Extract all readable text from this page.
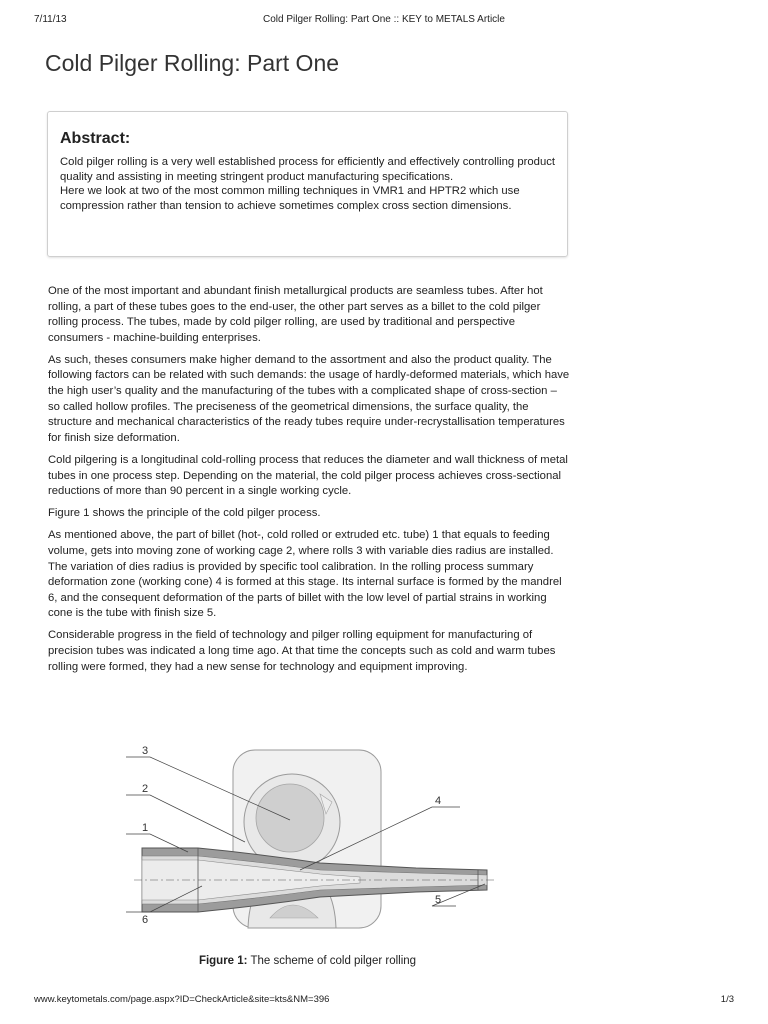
7/11/13	Cold Pilger Rolling: Part One :: KEY to METALS Article
Cold Pilger Rolling: Part One
Abstract:

Cold pilger rolling is a very well established process for efficiently and effectively controlling product quality and assisting in meeting stringent product manufacturing specifications.

Here we look at two of the most common milling techniques in VMR1 and HPTR2 which use compression rather than tension to achieve sometimes complex cross section dimensions.

One of the most important and abundant finish metallurgical products are seamless tubes. After hot rolling, a part of these tubes goes to the end-user, the other part serves as a billet to the cold pilger rolling process. The tubes, made by cold pilger rolling, are used by traditional and perspective consumers - machine-building enterprises.

As such, theses consumers make higher demand to the assortment and also the product quality. The following factors can be related with such demands: the usage of hardly-deformed materials, which have the high user’s quality and the manufacturing of the tubes with a complicated shape of cross-section – so called hollow profiles. The preciseness of the geometrical dimensions, the surface quality, the structure and mechanical characteristics of the ready tubes require under-recrystallisation temperatures for finish size deformation.

Cold pilgering is a longitudinal cold-rolling process that reduces the diameter and wall thickness of metal tubes in one process step. Depending on the material, the cold pilger process achieves cross-sectional reductions of more than 90 percent in a single working cycle.

Figure 1 shows the principle of the cold pilger process.

As mentioned above, the part of billet (hot-, cold rolled or extruded etc. tube) 1 that equals to feeding volume, gets into moving zone of working cage 2, where rolls 3 with variable dies radius are installed. The variation of dies radius is provided by specific tool calibration. In the rolling process summary deformation zone (working cone) 4 is formed at this stage. Its internal surface is formed by the mandrel 6, and the consequent deformation of the parts of billet with the low level of partial strains in working cone is the tube with finish size 5.

Considerable progress in the field of technology and pilger rolling equipment for manufacturing of precision tubes was indicated a long time ago. At that time the concepts such as cold and warm tubes rolling were formed, they had a new sense for technology and equipment improving.

3
2
1
4
5
6
Figure 1: The scheme of cold pilger rolling
www.keytometals.com/page.aspx?ID=CheckArticle&site=kts&NM=396	1/3
